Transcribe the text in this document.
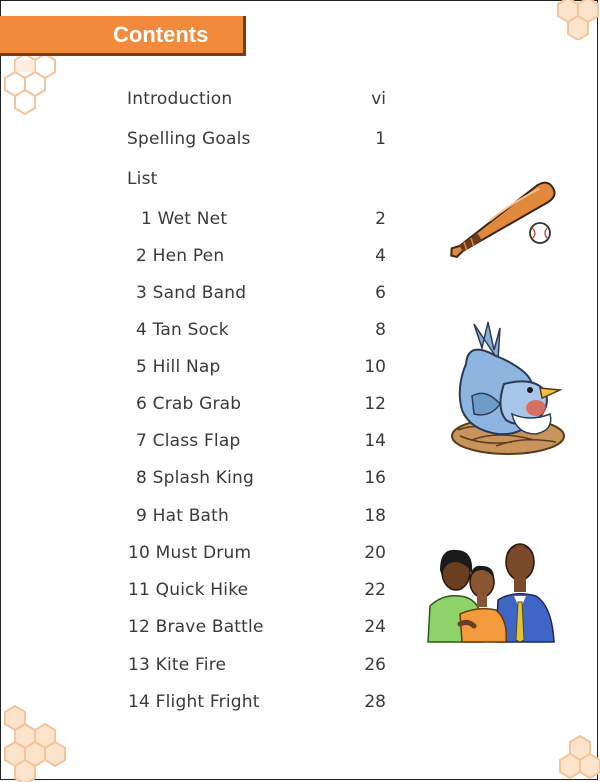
Contents
Introduction	vi
Spelling Goals	1
List
1 Wet Net	2
2 Hen Pen	4
3 Sand Band	6
4 Tan Sock	8
5 Hill Nap	10
6 Crab Grab	12
7 Class Flap	14
8 Splash King	16
9 Hat Bath	18
10 Must Drum	20
11 Quick Hike	22
12 Brave Battle	24
13 Kite Fire	26
14 Flight Fright	28
